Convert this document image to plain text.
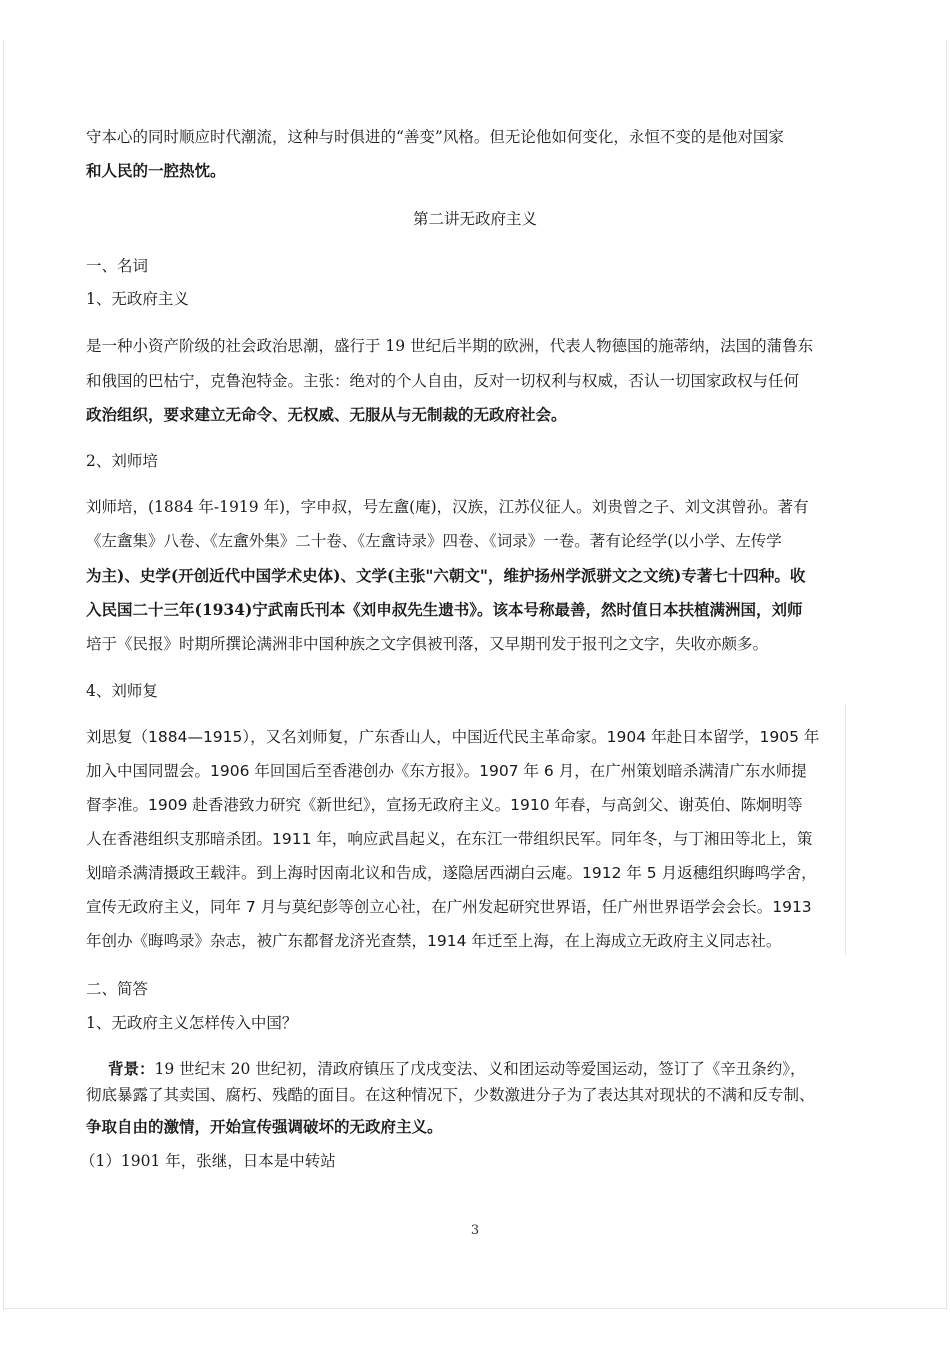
守本心的同时顺应时代潮流，这种与时俱进的“善变”风格。但无论他如何变化，永恒不变的是他对国家
和人民的一腔热忱。
第二讲无政府主义
一、名词
1、无政府主义
是一种小资产阶级的社会政治思潮，盛行于 19 世纪后半期的欧洲，代表人物德国的施蒂纳，法国的蒲鲁东
和俄国的巴枯宁，克鲁泡特金。主张：绝对的个人自由，反对一切权利与权威，否认一切国家政权与任何
政治组织，要求建立无命令、无权威、无服从与无制裁的无政府社会。
2、刘师培
刘师培，(1884 年-1919 年)，字申叔，号左盦(庵)，汉族，江苏仪征人。刘贵曾之子、刘文淇曾孙。著有
《左盦集》八卷、《左盦外集》二十卷、《左盦诗录》四卷、《词录》一卷。著有论经学(以小学、左传学
为主)、史学(开创近代中国学术史体)、文学(主张"六朝文"，维护扬州学派骈文之文统)专著七十四种。收
入民国二十三年(1934)宁武南氏刊本《刘申叔先生遗书》。该本号称最善，然时值日本扶植满洲国，刘师
培于《民报》时期所撰论满洲非中国种族之文字俱被刊落，又早期刊发于报刊之文字，失收亦颇多。
4、刘师复
刘思复（1884—1915），又名刘师复，广东香山人，中国近代民主革命家。1904 年赴日本留学，1905 年
加入中国同盟会。1906 年回国后至香港创办《东方报》。1907 年 6 月，在广州策划暗杀满清广东水师提
督李准。1909 赴香港致力研究《新世纪》，宣扬无政府主义。1910 年春，与高剑父、谢英伯、陈炯明等
人在香港组织支那暗杀团。1911 年，响应武昌起义，在东江一带组织民军。同年冬，与丁湘田等北上，策
划暗杀满清摄政王载沣。到上海时因南北议和告成，遂隐居西湖白云庵。1912 年 5 月返穗组织晦鸣学舍，
宣传无政府主义，同年 7 月与莫纪彭等创立心社，在广州发起研究世界语，任广州世界语学会会长。1913
年创办《晦鸣录》杂志，被广东都督龙济光查禁，1914 年迁至上海，在上海成立无政府主义同志社。
二、简答
1、无政府主义怎样传入中国？
背景：19 世纪末 20 世纪初，清政府镇压了戊戌变法、义和团运动等爱国运动，签订了《辛丑条约》，
彻底暴露了其卖国、腐朽、残酷的面目。在这种情况下，少数激进分子为了表达其对现状的不满和反专制、
争取自由的激情，开始宣传强调破坏的无政府主义。
（1）1901 年，张继，日本是中转站
3
